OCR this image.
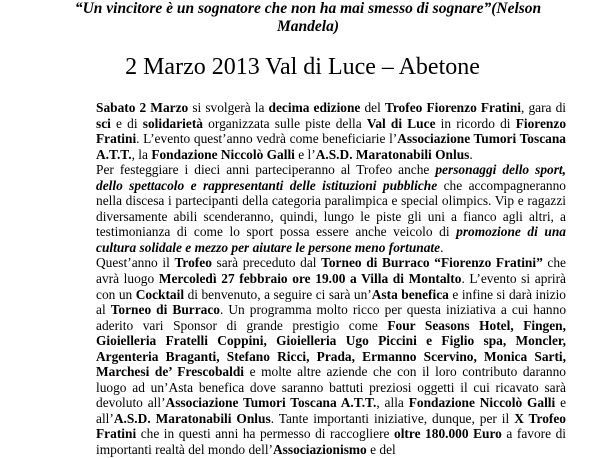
“Un vincitore è un sognatore che non ha mai smesso di sognare”(Nelson
Mandela)
2 Marzo 2013 Val di Luce – Abetone

Sabato 2 Marzo si svolgerà la decima edizione del Trofeo Fiorenzo Fratini, gara di sci e di solidarietà organizzata sulle piste della Val di Luce in ricordo di Fiorenzo Fratini. L’evento quest’anno vedrà come beneficiarie l’Associazione Tumori Toscana A.T.T., la Fondazione Niccolò Galli e l’A.S.D. Maratonabili Onlus.

Per festeggiare i dieci anni parteciperanno al Trofeo anche personaggi dello sport, dello spettacolo e rappresentanti delle istituzioni pubbliche che accompagneranno nella discesa i partecipanti della categoria paralimpica e special olimpics. Vip e ragazzi diversamente abili scenderanno, quindi, lungo le piste gli uni a fianco agli altri, a testimonianza di come lo sport possa essere anche veicolo di promozione di una cultura solidale e mezzo per aiutare le persone meno fortunate.

Quest’anno il Trofeo sarà preceduto dal Torneo di Burraco “Fiorenzo Fratini” che avrà luogo Mercoledì 27 febbraio ore 19.00 a Villa di Montalto. L’evento si aprirà con un Cocktail di benvenuto, a seguire ci sarà un’Asta benefica e infine si darà inizio al Torneo di Burraco. Un programma molto ricco per questa iniziativa a cui hanno aderito vari Sponsor di grande prestigio come Four Seasons Hotel, Fingen, Gioielleria Fratelli Coppini, Gioielleria Ugo Piccini e Figlio spa, Moncler, Argenteria Braganti, Stefano Ricci, Prada, Ermanno Scervino, Monica Sarti, Marchesi de’ Frescobaldi e molte altre aziende che con il loro contributo daranno luogo ad un’Asta benefica dove saranno battuti preziosi oggetti il cui ricavato sarà devoluto all’Associazione Tumori Toscana A.T.T., alla Fondazione Niccolò Galli e all’A.S.D. Maratonabili Onlus. Tante importanti iniziative, dunque, per il X Trofeo Fratini che in questi anni ha permesso di raccogliere oltre 180.000 Euro a favore di importanti realtà del mondo dell’Associazionismo e del
